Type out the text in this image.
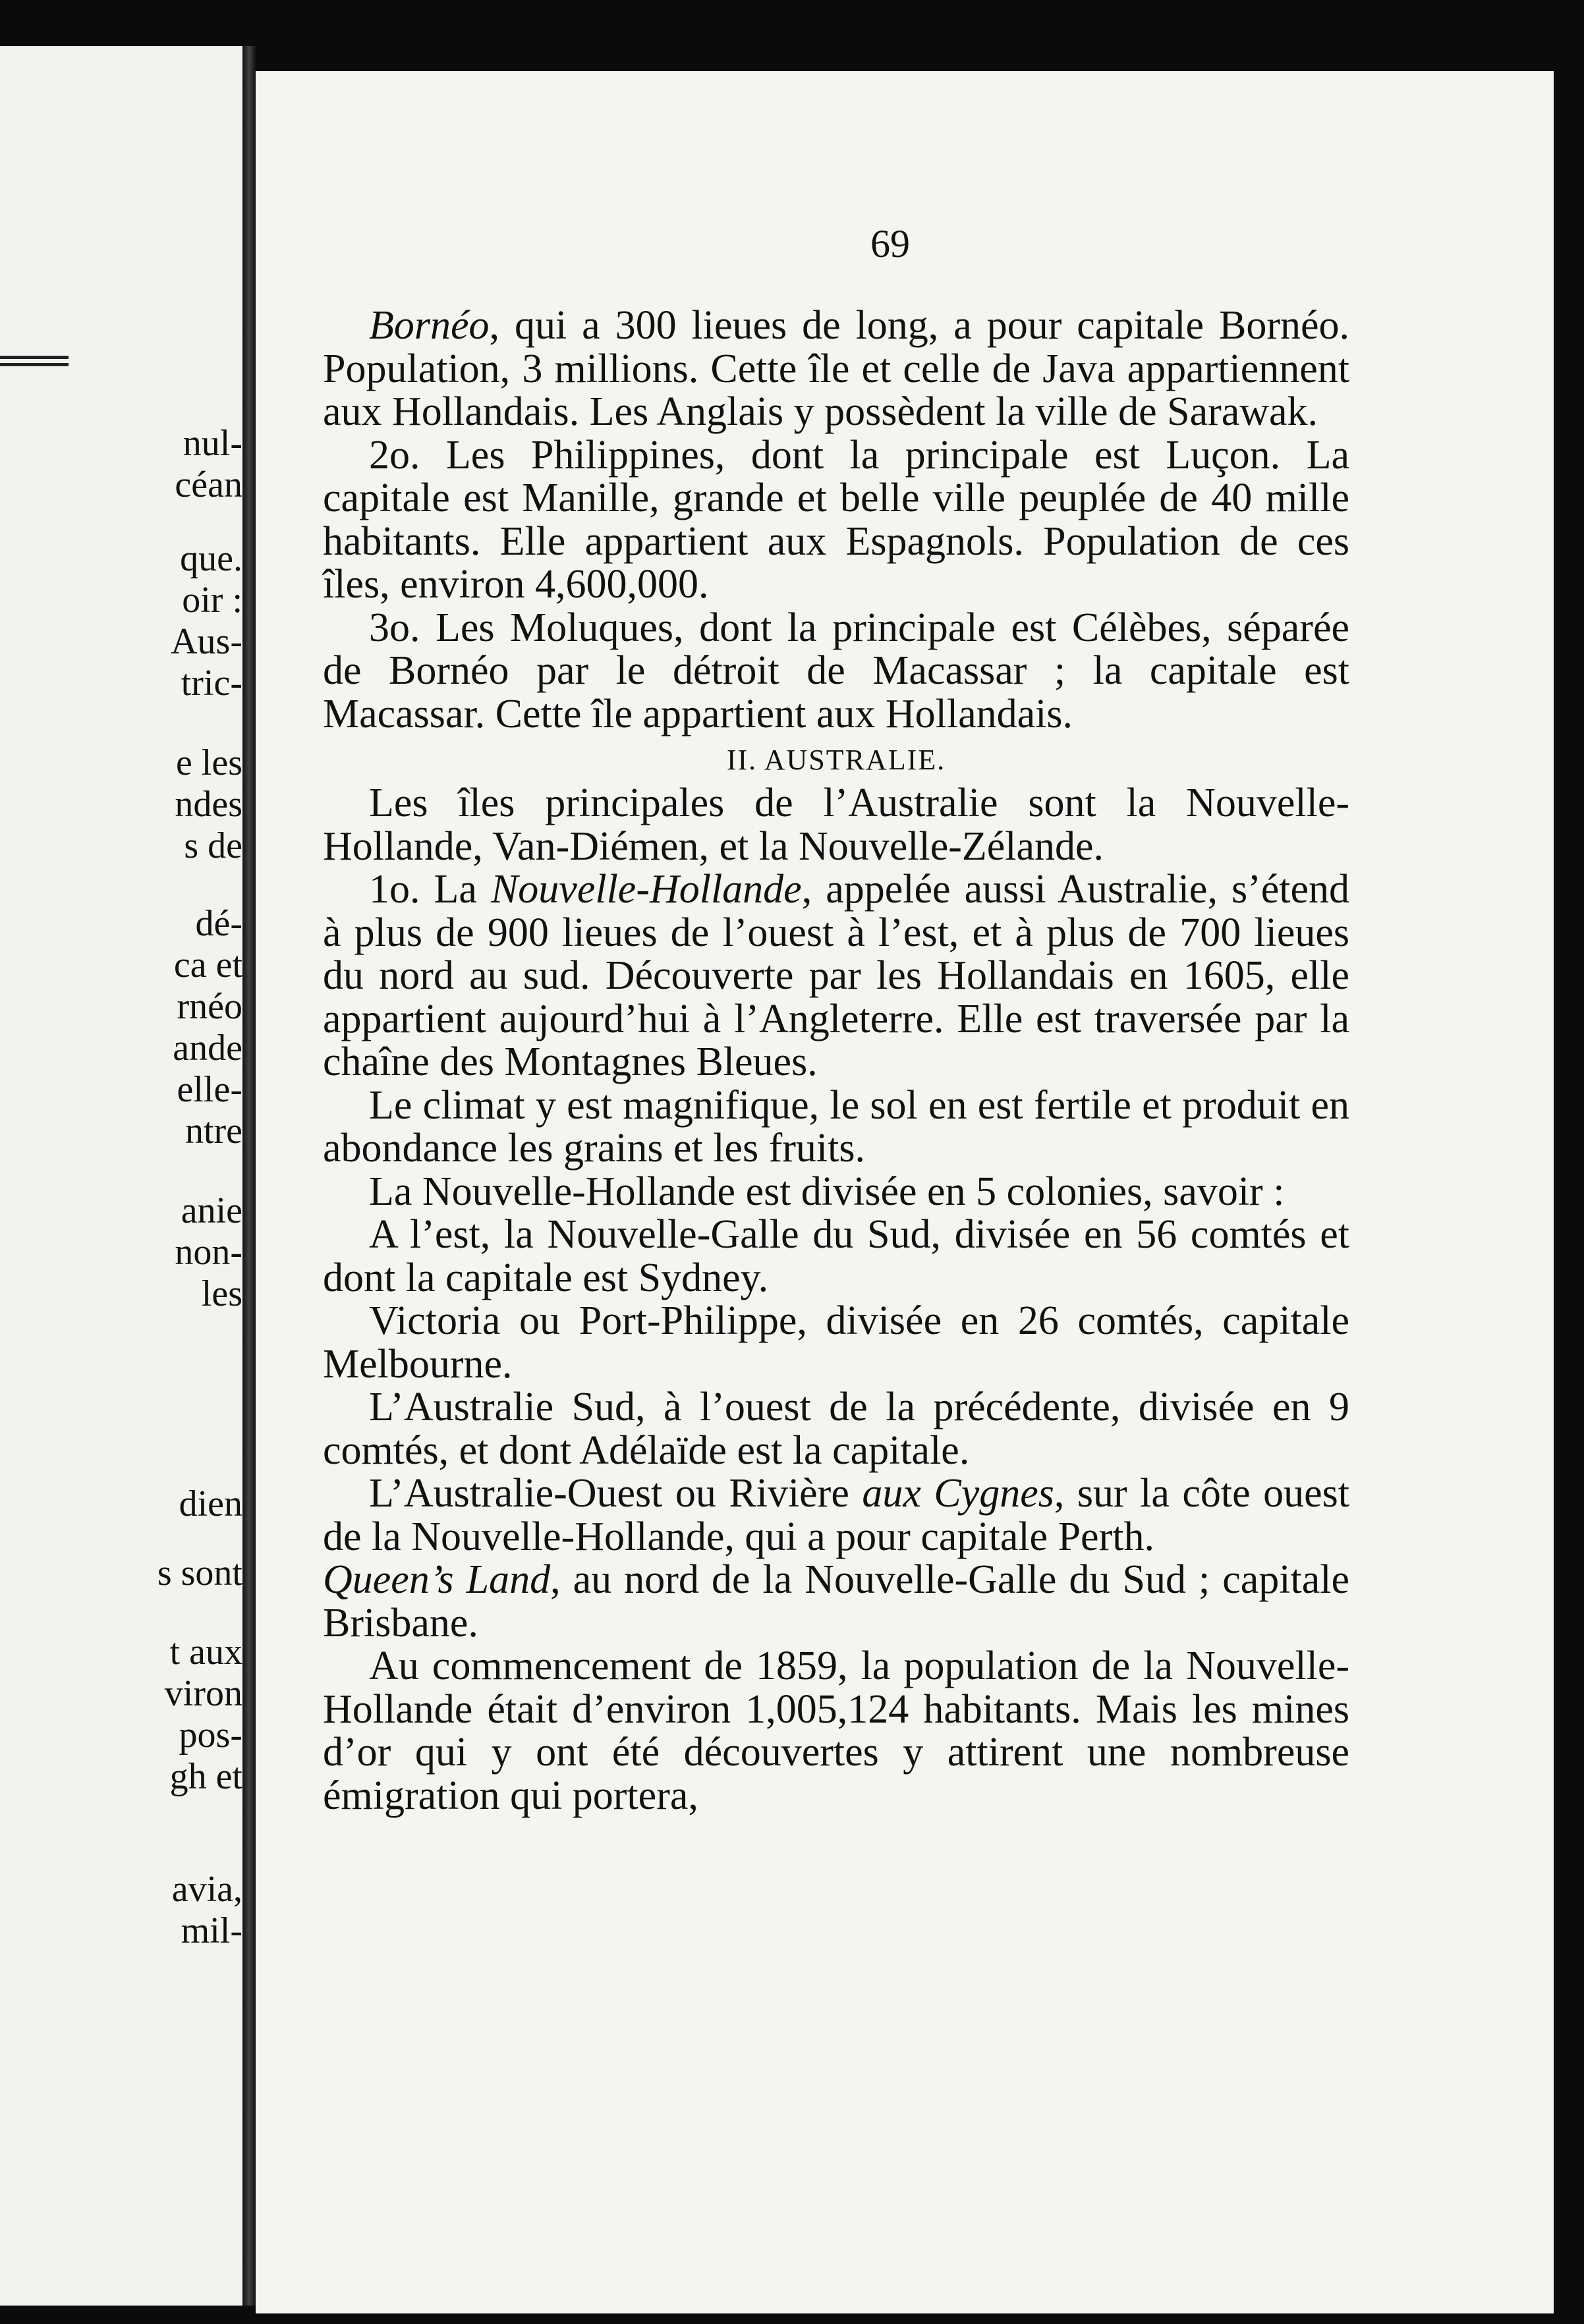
nul-
céan
que.
oir :
Aus-
tric-
e les
ndes
s de
dé-
ca et
rnéo
ande
elle-
ntre
anie
non-
les
dien
s sont
t aux
viron
pos-
gh et
avia,
mil-
69

Bornéo, qui a 300 lieues de long, a pour capitale Bornéo. Population, 3 millions. Cette île et celle de Java appartiennent aux Hollandais. Les Anglais y possèdent la ville de Sarawak.

2o. Les Philippines, dont la principale est Luçon. La capitale est Manille, grande et belle ville peuplée de 40 mille habitants. Elle appartient aux Espagnols. Population de ces îles, environ 4,600,000.

3o. Les Moluques, dont la principale est Célèbes, séparée de Bornéo par le détroit de Macassar ; la capitale est Macassar. Cette île appartient aux Hollandais.

II. AUSTRALIE.

Les îles principales de l’Australie sont la Nouvelle-Hollande, Van-Diémen, et la Nouvelle-Zélande.

1o. La Nouvelle-Hollande, appelée aussi Australie, s’étend à plus de 900 lieues de l’ouest à l’est, et à plus de 700 lieues du nord au sud. Découverte par les Hollandais en 1605, elle appartient aujourd’hui à l’Angleterre. Elle est traversée par la chaîne des Montagnes Bleues.

Le climat y est magnifique, le sol en est fertile et produit en abondance les grains et les fruits.

La Nouvelle-Hollande est divisée en 5 colonies, savoir :

A l’est, la Nouvelle-Galle du Sud, divisée en 56 comtés et dont la capitale est Sydney.

Victoria ou Port-Philippe, divisée en 26 comtés, capitale Melbourne.

L’Australie Sud, à l’ouest de la précédente, divisée en 9 comtés, et dont Adélaïde est la capitale.

L’Australie-Ouest ou Rivière aux Cygnes, sur la côte ouest de la Nouvelle-Hollande, qui a pour capitale Perth.

Queen’s Land, au nord de la Nouvelle-Galle du Sud ; capitale Brisbane.

Au commencement de 1859, la population de la Nouvelle-Hollande était d’environ 1,005,124 habitants. Mais les mines d’or qui y ont été découvertes y attirent une nombreuse émigration qui portera,
